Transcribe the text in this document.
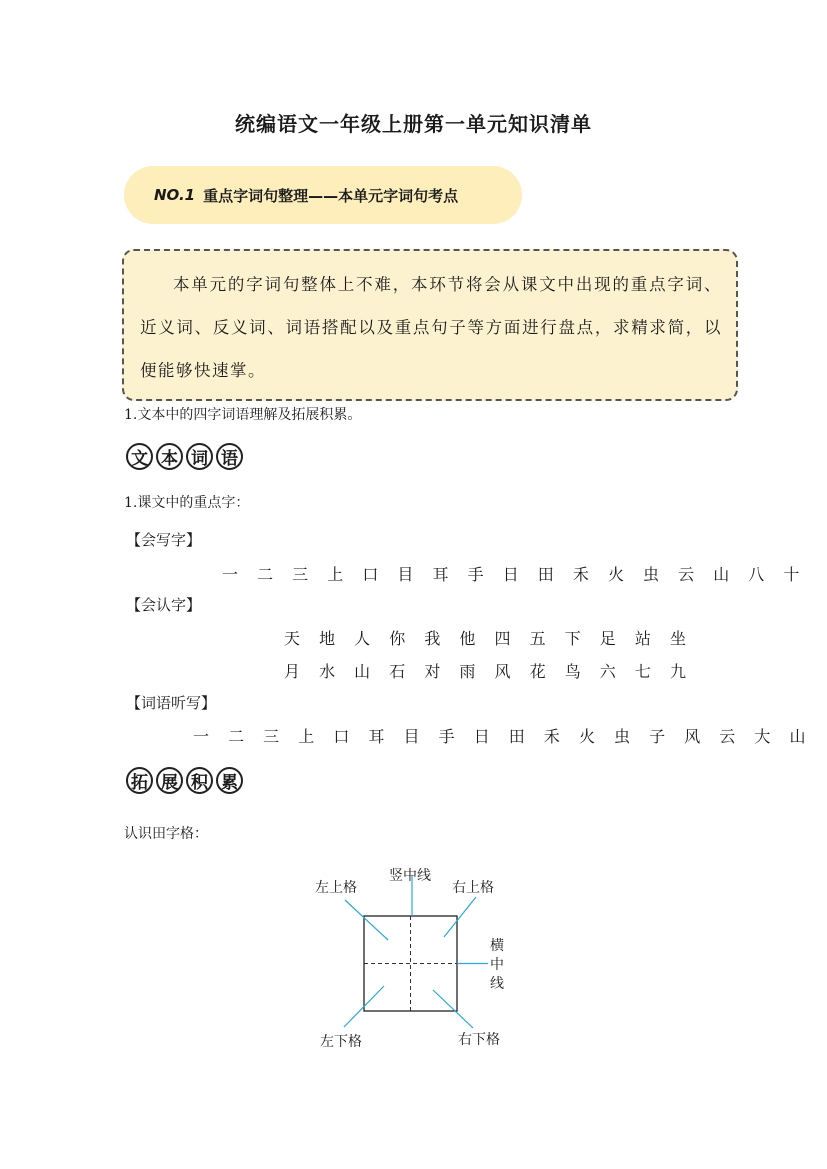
统编语文一年级上册第一单元知识清单
NO.1 重点字词句整理——本单元字词句考点

本单元的字词句整体上不难，本环节将会从课文中出现的重点字词、近义词、反义词、词语搭配以及重点句子等方面进行盘点，求精求简，以便能够快速掌。

1.文本中的四字词语理解及拓展积累。
文 本 词 语
1.课文中的重点字：
【会写字】
一 二 三 上 口 目 耳 手 日 田 禾 火 虫 云 山 八 十
【会认字】
天 地 人 你 我 他 四 五 下 足 站 坐
月 水 山 石 对 雨 风 花 鸟 六 七 九
【词语听写】
一 二 三 上 口 耳 目 手 日 田 禾 火 虫 子 风 云 大 山
拓 展 积 累
认识田字格：
左上格
竖中线
右上格
横
中
线
左下格	右下格
